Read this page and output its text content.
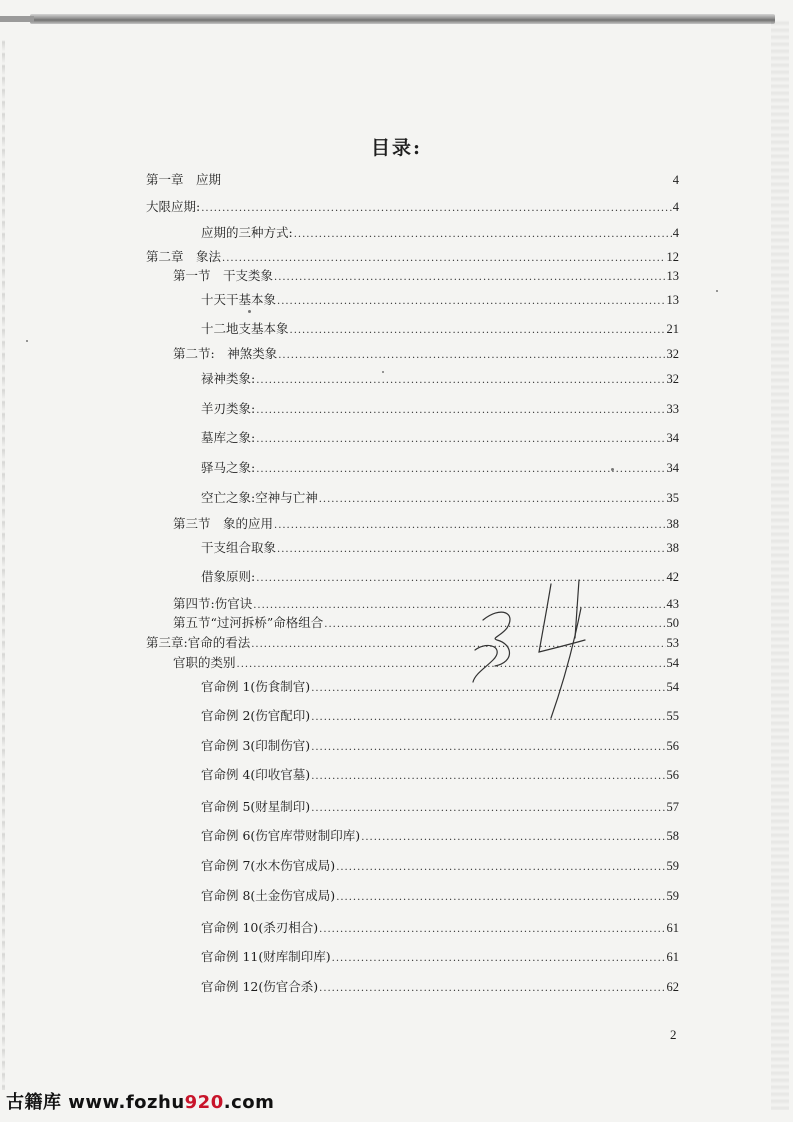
目录:
第一章　应期	4
大限应期: .....	4
应期的三种方式: .....	4
第二章　象法 .....	12
第一节　干支类象 .....	13
十天干基本象 .....	13
十二地支基本象 .....	21
第二节:　神煞类象 .....	32
禄神类象: .....	32
羊刃类象: .....	33
墓库之象: .....	34
驿马之象: .....	34
空亡之象:空神与亡神 .....	35
第三节　象的应用 .....	38
干支组合取象 .....	38
借象原则: .....	42
第四节:伤官诀 .....	43
第五节“过河拆桥”命格组合 .....	50
第三章:官命的看法 .....	53
官职的类别 .....	54
官命例 1(伤食制官) .....	54
官命例 2(伤官配印) .....	55
官命例 3(印制伤官) .....	56
官命例 4(印收官墓) .....	56
官命例 5(财星制印) .....	57
官命例 6(伤官库带财制印库) .....	58
官命例 7(水木伤官成局) .....	59
官命例 8(土金伤官成局) .....	59
官命例 10(杀刃相合) .....	61
官命例 11(财库制印库) .....	61
官命例 12(伤官合杀) .....	62
2
古籍库 www.fozhu920.com
